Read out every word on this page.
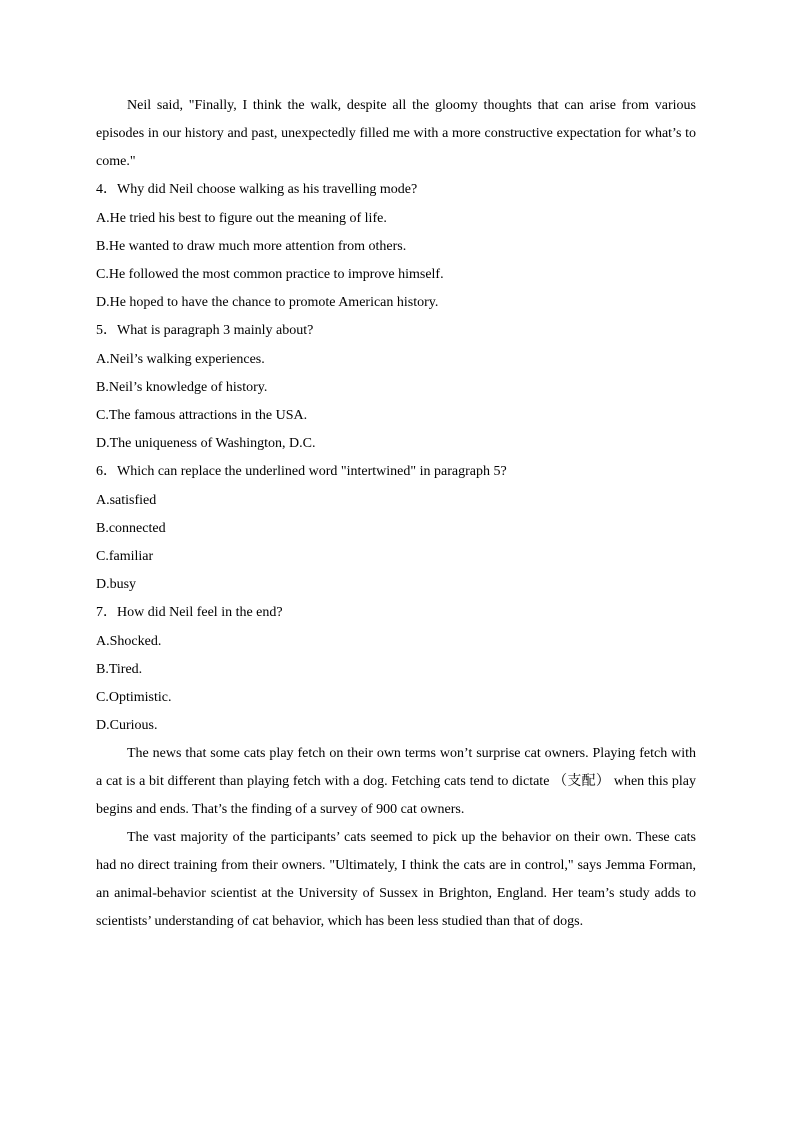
Neil said, "Finally, I think the walk, despite all the gloomy thoughts that can arise from various episodes in our history and past, unexpectedly filled me with a more constructive expectation for what’s to come."

4．Why did Neil choose walking as his travelling mode?

A.He tried his best to figure out the meaning of life.

B.He wanted to draw much more attention from others.

C.He followed the most common practice to improve himself.

D.He hoped to have the chance to promote American history.

5．What is paragraph 3 mainly about?

A.Neil’s walking experiences.

B.Neil’s knowledge of history.

C.The famous attractions in the USA.

D.The uniqueness of Washington, D.C.

6．Which can replace the underlined word "intertwined" in paragraph 5?

A.satisfied

B.connected

C.familiar

D.busy

7．How did Neil feel in the end?

A.Shocked.

B.Tired.

C.Optimistic.

D.Curious.

The news that some cats play fetch on their own terms won’t surprise cat owners. Playing fetch with a cat is a bit different than playing fetch with a dog. Fetching cats tend to dictate （支配） when this play begins and ends. That’s the finding of a survey of 900 cat owners.

The vast majority of the participants’ cats seemed to pick up the behavior on their own. These cats had no direct training from their owners. "Ultimately, I think the cats are in control," says Jemma Forman, an animal-behavior scientist at the University of Sussex in Brighton, England. Her team’s study adds to scientists’ understanding of cat behavior, which has been less studied than that of dogs.
